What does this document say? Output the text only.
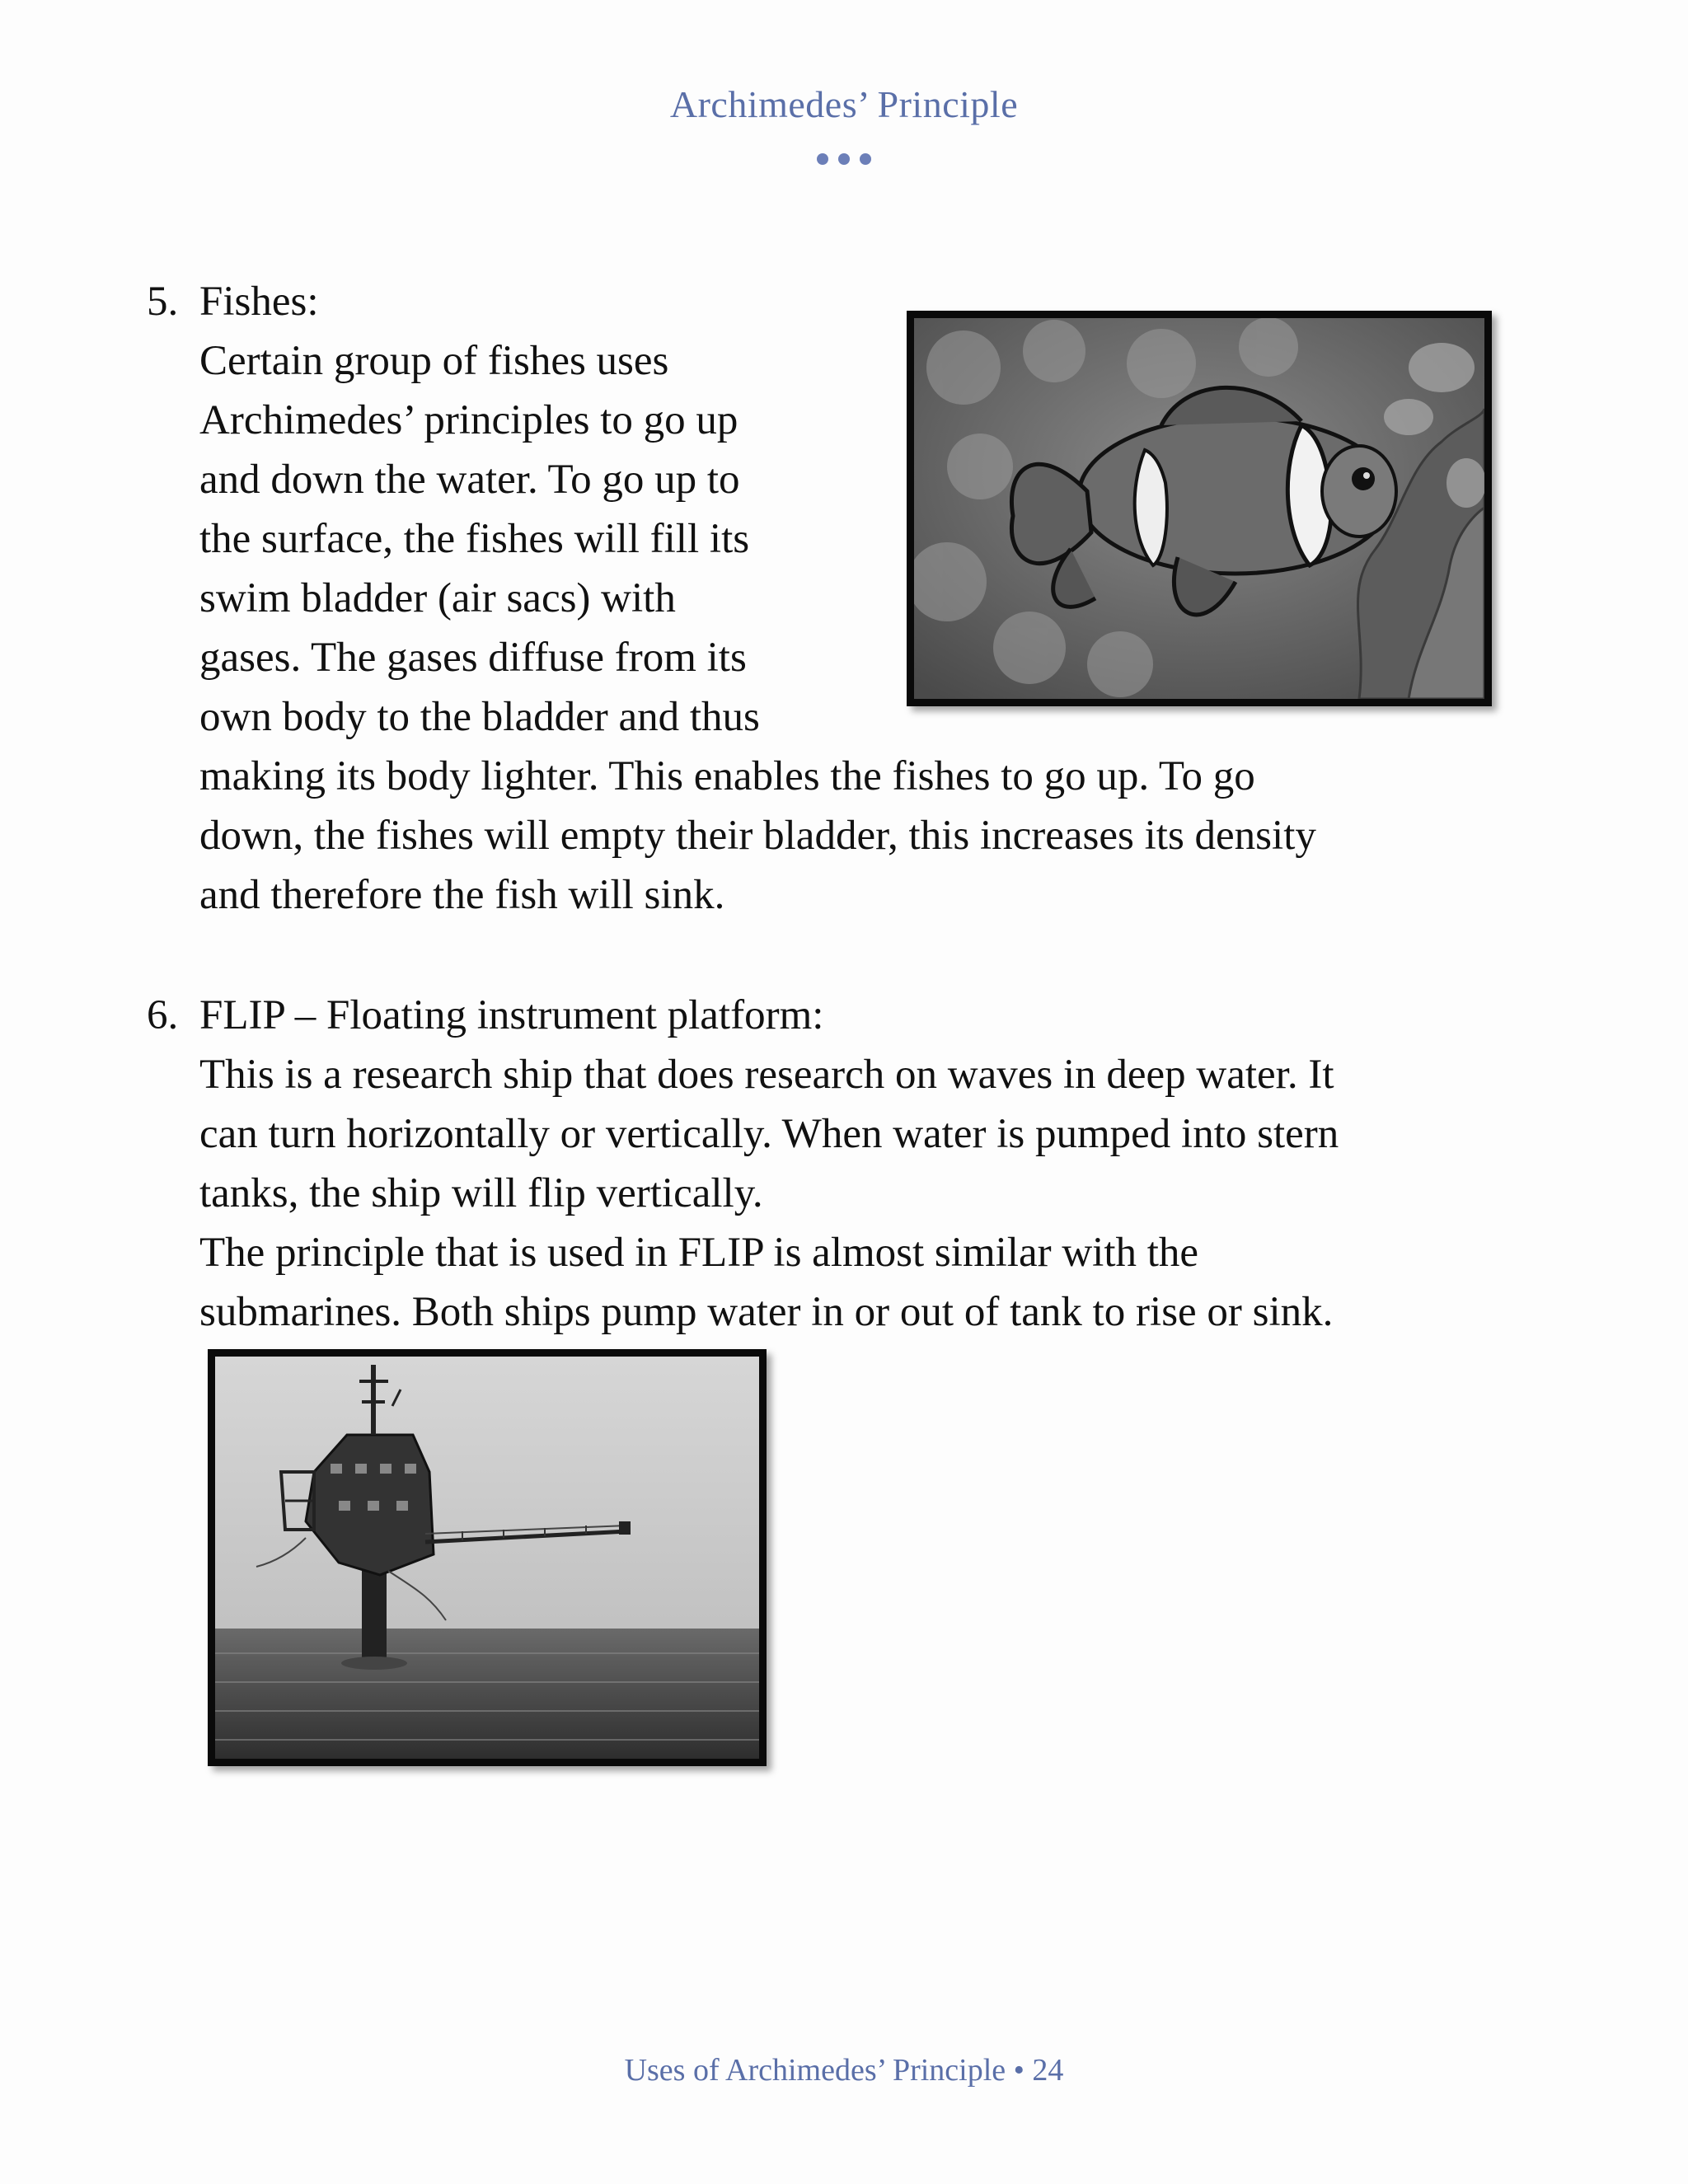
Archimedes’ Principle
5. Fishes:
Certain group of fishes uses
Archimedes’ principles to go up
and down the water. To go up to
the surface, the fishes will fill its
swim bladder (air sacs) with
gases. The gases diffuse from its
own body to the bladder and thus
making its body lighter. This enables the fishes to go up. To go
down, the fishes will empty their bladder, this increases its density
and therefore the fish will sink.
6. FLIP – Floating instrument platform:
This is a research ship that does research on waves in deep water. It
can turn horizontally or vertically. When water is pumped into stern
tanks, the ship will flip vertically.
The principle that is used in FLIP is almost similar with the
submarines. Both ships pump water in or out of tank to rise or sink.
Uses of Archimedes’ Principle • 24
